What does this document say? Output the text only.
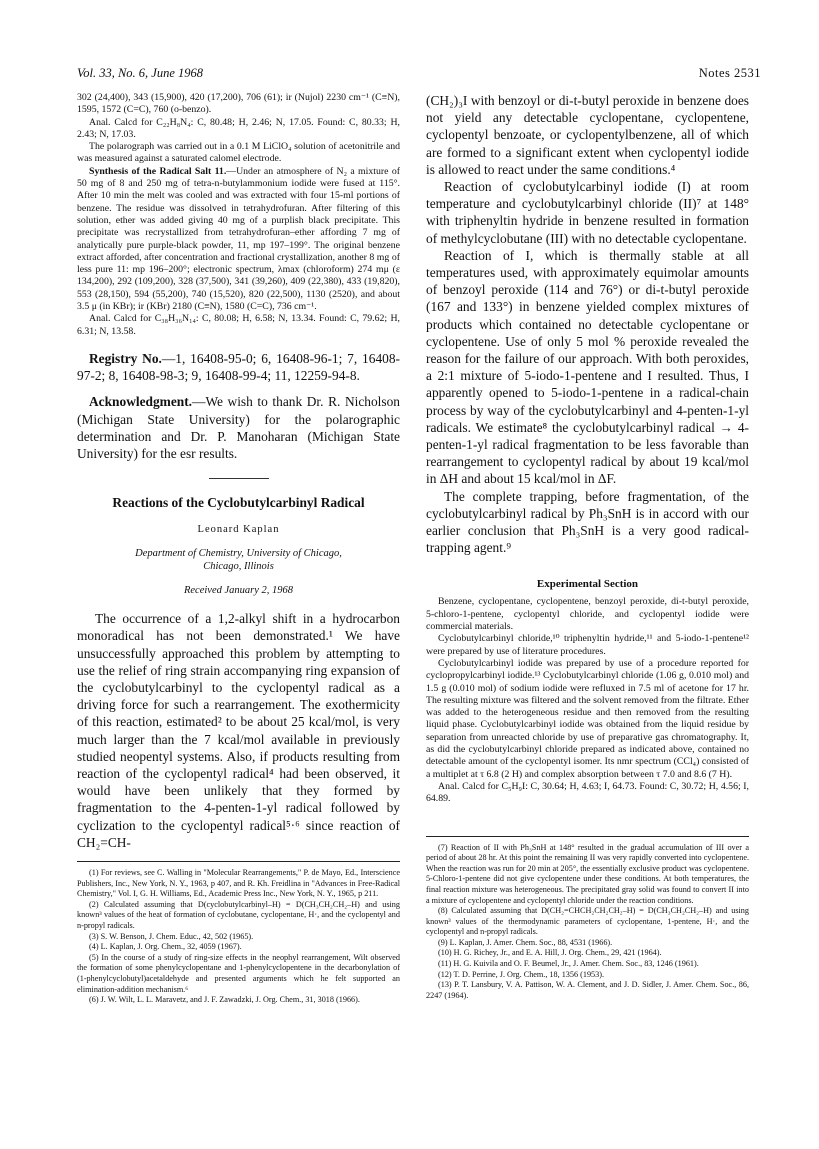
Vol. 33, No. 6, June 1968	Notes 2531

302 (24,400), 343 (15,900), 420 (17,200), 706 (61); ir (Nujol) 2230 cm⁻¹ (C≡N), 1595, 1572 (C=C), 760 (o-benzo).

Anal. Calcd for C₂₂H₈N₄: C, 80.48; H, 2.46; N, 17.05. Found: C, 80.33; H, 2.43; N, 17.03.

The polarograph was carried out in a 0.1 M LiClO₄ solution of acetonitrile and was measured against a saturated calomel electrode.

Synthesis of the Radical Salt 11.—Under an atmosphere of N₂ a mixture of 50 mg of 8 and 250 mg of tetra-n-butylammonium iodide were fused at 115°. After 10 min the melt was cooled and was extracted with four 15-ml portions of benzene. The residue was dissolved in tetrahydrofuran. After filtering of this solution, ether was added giving 40 mg of a purplish black precipitate. This precipitate was recrystallized from tetrahydrofuran–ether affording 7 mg of analytically pure purple-black powder, 11, mp 197–199°. The original benzene extract afforded, after concentration and fractional crystallization, another 8 mg of less pure 11: mp 196–200°; electronic spectrum, λmax (chloroform) 274 mμ (ε 134,200), 292 (109,200), 328 (37,500), 341 (39,260), 409 (22,380), 433 (19,820), 553 (28,150), 594 (55,200), 740 (15,520), 820 (22,500), 1130 (2520), and about 3.5 μ (in KBr); ir (KBr) 2180 (C≡N), 1580 (C=C), 736 cm⁻¹.

Anal. Calcd for C₃₈H₃₆N₁₄: C, 80.08; H, 6.58; N, 13.34. Found: C, 79.62; H, 6.31; N, 13.58.

Registry No.—1, 16408-95-0; 6, 16408-96-1; 7, 16408-97-2; 8, 16408-98-3; 9, 16408-99-4; 11, 12259-94-8.

Acknowledgment.—We wish to thank Dr. R. Nicholson (Michigan State University) for the polarographic determination and Dr. P. Manoharan (Michigan State University) for the esr results.

Reactions of the Cyclobutylcarbinyl Radical

Leonard Kaplan

Department of Chemistry, University of Chicago,

Chicago, Illinois

Received January 2, 1968

The occurrence of a 1,2-alkyl shift in a hydrocarbon monoradical has not been demonstrated.¹ We have unsuccessfully approached this problem by attempting to use the relief of ring strain accompanying ring expansion of the cyclobutylcarbinyl to the cyclopentyl radical as a driving force for such a rearrangement. The exothermicity of this reaction, estimated² to be about 25 kcal/mol, is very much larger than the 7 kcal/mol available in previously studied neopentyl systems. Also, if products resulting from reaction of the cyclopentyl radical⁴ had been observed, it would have been unlikely that they formed by fragmentation to the 4-penten-1-yl radical followed by cyclization to the cyclopentyl radical⁵·⁶ since reaction of CH₂=CH-

(1) For reviews, see C. Walling in "Molecular Rearrangements," P. de Mayo, Ed., Interscience Publishers, Inc., New York, N. Y., 1963, p 407, and R. Kh. Freidlina in "Advances in Free-Radical Chemistry," Vol. I, G. H. Williams, Ed., Academic Press Inc., New York, N. Y., 1965, p 211.

(2) Calculated assuming that D(cyclobutylcarbinyl–H) = D(CH₃CH₂CH₂–H) and using known³ values of the heat of formation of cyclobutane, cyclopentane, H·, and the cyclopentyl and n-propyl radicals.

(3) S. W. Benson, J. Chem. Educ., 42, 502 (1965).

(4) L. Kaplan, J. Org. Chem., 32, 4059 (1967).

(5) In the course of a study of ring-size effects in the neophyl rearrangement, Wilt observed the formation of some phenylcyclopentane and 1-phenylcyclopentene in the decarbonylation of (1-phenylcyclobutyl)acetaldehyde and presented arguments which he felt supported an elimination-addition mechanism.⁶

(6) J. W. Wilt, L. L. Maravetz, and J. F. Zawadzki, J. Org. Chem., 31, 3018 (1966).

(CH₂)₃I with benzoyl or di-t-butyl peroxide in benzene does not yield any detectable cyclopentane, cyclopentene, cyclopentyl benzoate, or cyclopentylbenzene, all of which are formed to a significant extent when cyclopentyl iodide is allowed to react under the same conditions.⁴

Reaction of cyclobutylcarbinyl iodide (I) at room temperature and cyclobutylcarbinyl chloride (II)⁷ at 148° with triphenyltin hydride in benzene resulted in formation of methylcyclobutane (III) with no detectable cyclopentane.

Reaction of I, which is thermally stable at all temperatures used, with approximately equimolar amounts of benzoyl peroxide (114 and 76°) or di-t-butyl peroxide (167 and 133°) in benzene yielded complex mixtures of products which contained no detectable cyclopentane or cyclopentene. Use of only 5 mol % peroxide revealed the reason for the failure of our approach. With both peroxides, a 2:1 mixture of 5-iodo-1-pentene and I resulted. Thus, I apparently opened to 5-iodo-1-pentene in a radical-chain process by way of the cyclobutylcarbinyl and 4-penten-1-yl radicals. We estimate⁸ the cyclobutylcarbinyl radical → 4-penten-1-yl radical fragmentation to be less favorable than rearrangement to cyclopentyl radical by about 19 kcal/mol in ΔH and about 15 kcal/mol in ΔF.

The complete trapping, before fragmentation, of the cyclobutylcarbinyl radical by Ph₃SnH is in accord with our earlier conclusion that Ph₃SnH is a very good radical-trapping agent.⁹

Experimental Section

Benzene, cyclopentane, cyclopentene, benzoyl peroxide, di-t-butyl peroxide, 5-chloro-1-pentene, cyclopentyl chloride, and cyclopentyl iodide were commercial materials.

Cyclobutylcarbinyl chloride,¹⁰ triphenyltin hydride,¹¹ and 5-iodo-1-pentene¹² were prepared by use of literature procedures.

Cyclobutylcarbinyl iodide was prepared by use of a procedure reported for cyclopropylcarbinyl iodide.¹³ Cyclobutylcarbinyl chloride (1.06 g, 0.010 mol) and 1.5 g (0.010 mol) of sodium iodide were refluxed in 7.5 ml of acetone for 17 hr. The resulting mixture was filtered and the solvent removed from the filtrate. Ether was added to the heterogeneous residue and then removed from the resulting liquid phase. Cyclobutylcarbinyl iodide was obtained from the liquid residue by separation from unreacted chloride by use of preparative gas chromatography. It, as did the cyclobutylcarbinyl chloride prepared as indicated above, contained no detectable amount of the cyclopentyl isomer. Its nmr spectrum (CCl₄) consisted of a multiplet at τ 6.8 (2 H) and complex absorption between τ 7.0 and 8.6 (7 H).

Anal. Calcd for C₅H₉I: C, 30.64; H, 4.63; I, 64.73. Found: C, 30.72; H, 4.56; I, 64.89.

(7) Reaction of II with Ph₃SnH at 148° resulted in the gradual accumulation of III over a period of about 28 hr. At this point the remaining II was very rapidly converted into cyclopentene. When the reaction was run for 20 min at 205°, the essentially exclusive product was cyclopentene. 5-Chloro-1-pentene did not give cyclopentene under these conditions. At both temperatures, the final reaction mixture was heterogeneous. The precipitated gray solid was found to convert II into a mixture of cyclopentene and cyclopentyl chloride under the reaction conditions.

(8) Calculated assuming that D(CH₂=CHCH₂CH₂CH₂–H) = D(CH₃CH₂CH₂–H) and using known³ values of the thermodynamic parameters of cyclopentane, 1-pentene, H·, and the cyclopentyl and n-propyl radicals.

(9) L. Kaplan, J. Amer. Chem. Soc., 88, 4531 (1966).

(10) H. G. Richey, Jr., and E. A. Hill, J. Org. Chem., 29, 421 (1964).

(11) H. G. Kuivila and O. F. Beumel, Jr., J. Amer. Chem. Soc., 83, 1246 (1961).

(12) T. D. Perrine, J. Org. Chem., 18, 1356 (1953).

(13) P. T. Lansbury, V. A. Pattison, W. A. Clement, and J. D. Sidler, J. Amer. Chem. Soc., 86, 2247 (1964).
